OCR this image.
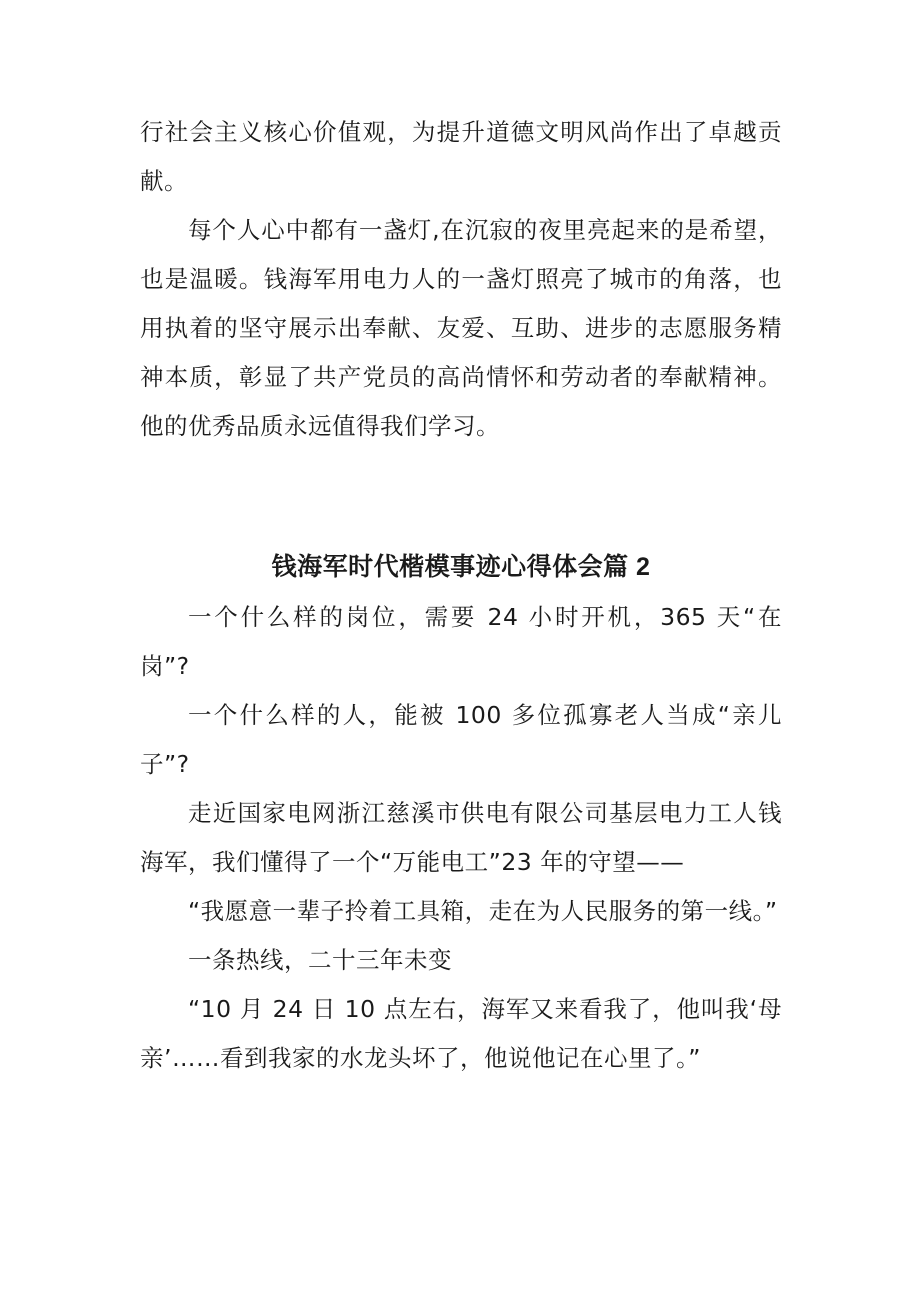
行社会主义核心价值观，为提升道德文明风尚作出了卓越贡献。

每个人心中都有一盏灯,在沉寂的夜里亮起来的是希望，也是温暖。钱海军用电力人的一盏灯照亮了城市的角落，也用执着的坚守展示出奉献、友爱、互助、进步的志愿服务精神本质，彰显了共产党员的高尚情怀和劳动者的奉献精神。他的优秀品质永远值得我们学习。

钱海军时代楷模事迹心得体会篇 2

一个什么样的岗位，需要 24 小时开机，365 天“在岗”?

一个什么样的人，能被 100 多位孤寡老人当成“亲儿子”?

走近国家电网浙江慈溪市供电有限公司基层电力工人钱海军，我们懂得了一个“万能电工”23 年的守望——

“我愿意一辈子拎着工具箱，走在为人民服务的第一线。”

一条热线，二十三年未变

“10 月 24 日 10 点左右，海军又来看我了，他叫我‘母亲’……看到我家的水龙头坏了，他说他记在心里了。”
